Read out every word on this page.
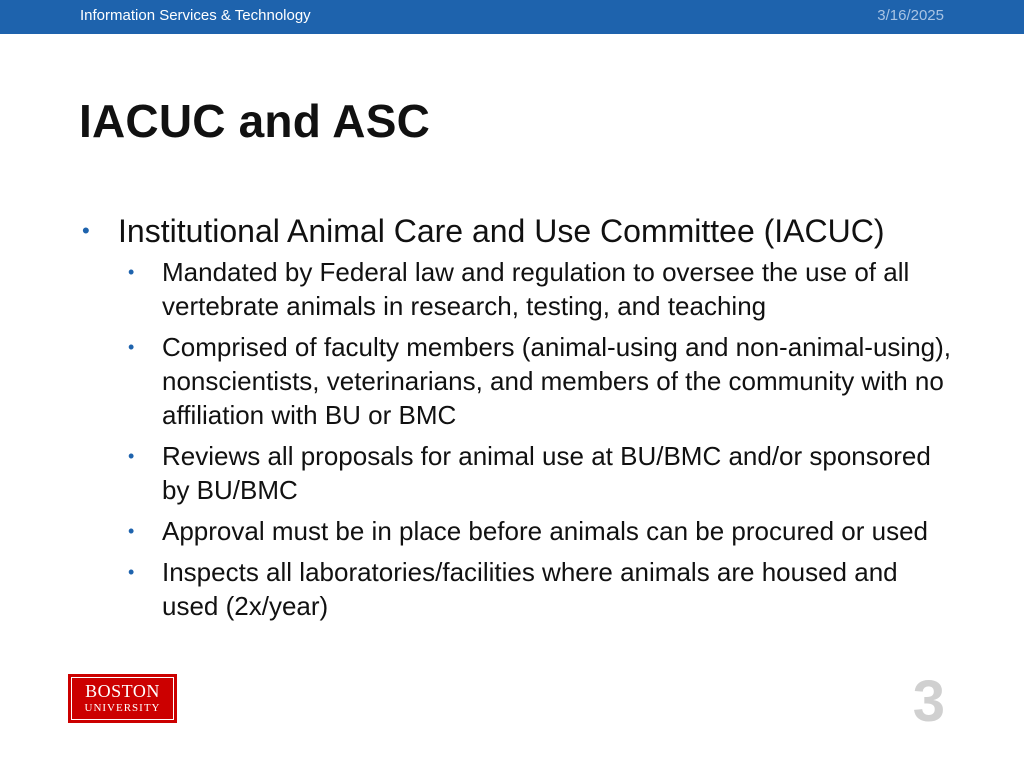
Information Services & Technology	3/16/2025
IACUC and ASC
• Institutional Animal Care and Use Committee (IACUC)
• Mandated by Federal law and regulation to oversee the use of all vertebrate animals in research, testing, and teaching
• Comprised of faculty members (animal-using and non-animal-using), nonscientists, veterinarians, and members of the community with no affiliation with BU or BMC
• Reviews all proposals for animal use at BU/BMC and/or sponsored by BU/BMC
• Approval must be in place before animals can be procured or used
• Inspects all laboratories/facilities where animals are housed and used (2x/year)
BOSTON
UNIVERSITY	3
